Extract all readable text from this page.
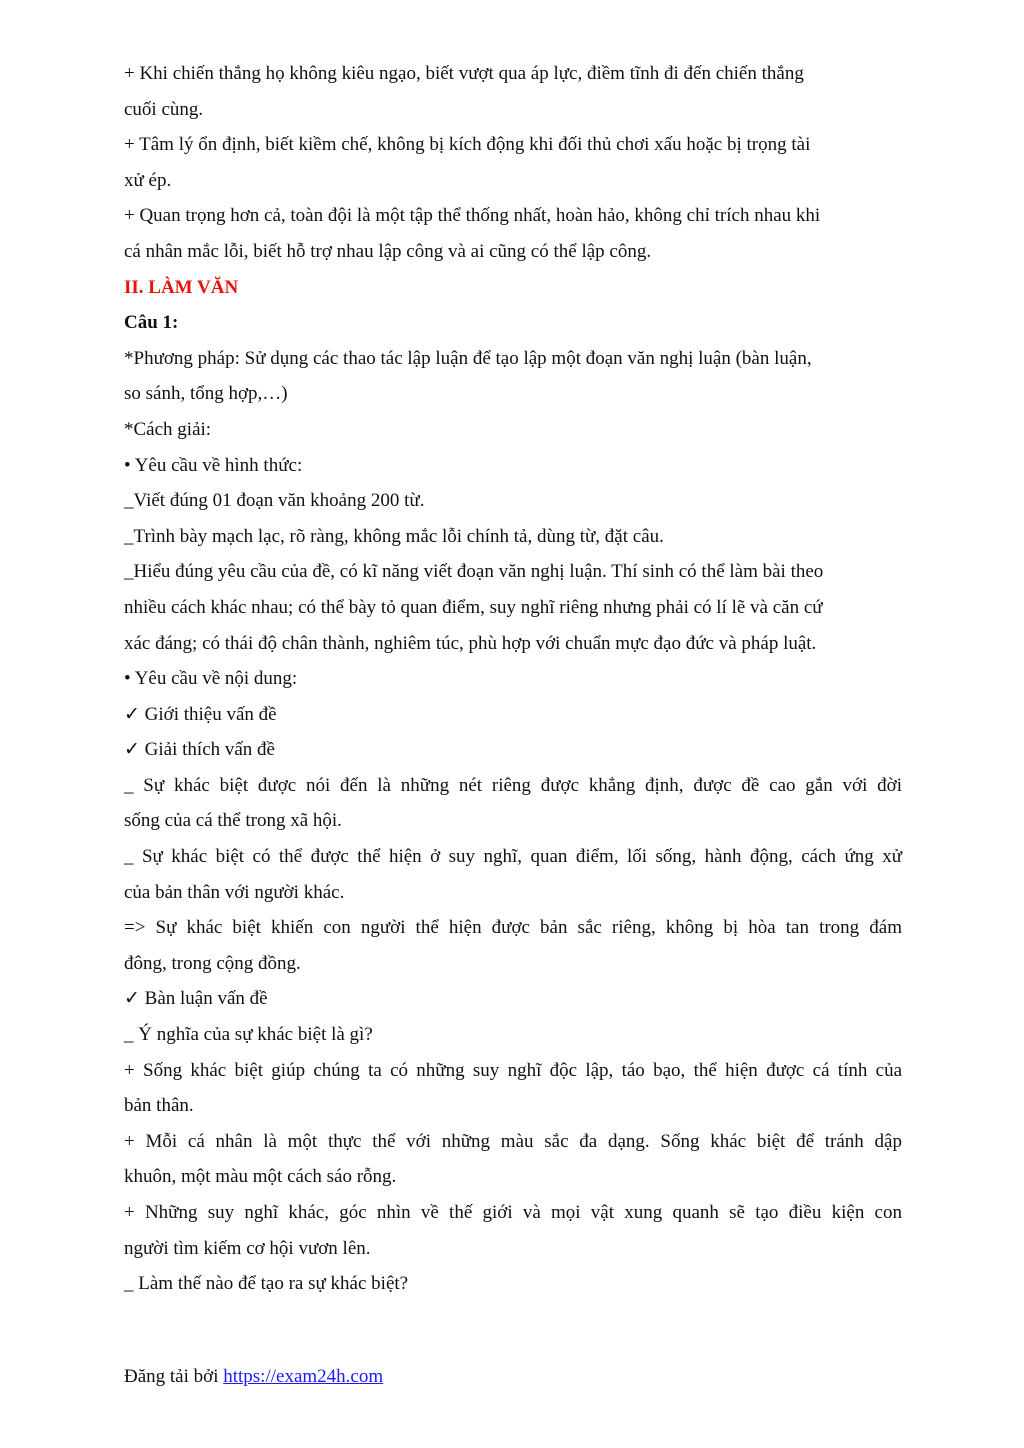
+ Khi chiến thắng họ không kiêu ngạo, biết vượt qua áp lực, điềm tĩnh đi đến chiến thắng
cuối cùng.
+ Tâm lý ổn định, biết kiềm chế, không bị kích động khi đối thủ chơi xấu hoặc bị trọng tài
xử ép.
+ Quan trọng hơn cả, toàn đội là một tập thể thống nhất, hoàn hảo, không chỉ trích nhau khi
cá nhân mắc lỗi, biết hỗ trợ nhau lập công và ai cũng có thể lập công.
II. LÀM VĂN
Câu 1:
*Phương pháp: Sử dụng các thao tác lập luận để tạo lập một đoạn văn nghị luận (bàn luận,
so sánh, tổng hợp,…)
*Cách giải:
• Yêu cầu về hình thức:
_Viết đúng 01 đoạn văn khoảng 200 từ.
_Trình bày mạch lạc, rõ ràng, không mắc lỗi chính tả, dùng từ, đặt câu.
_Hiểu đúng yêu cầu của đề, có kĩ năng viết đoạn văn nghị luận. Thí sinh có thể làm bài theo
nhiều cách khác nhau; có thể bày tỏ quan điểm, suy nghĩ riêng nhưng phải có lí lẽ và căn cứ
xác đáng; có thái độ chân thành, nghiêm túc, phù hợp với chuẩn mực đạo đức và pháp luật.
• Yêu cầu về nội dung:
✓ Giới thiệu vấn đề
✓ Giải thích vấn đề
_ Sự khác biệt được nói đến là những nét riêng được khẳng định, được đề cao gắn với đời
sống của cá thể trong xã hội.
_ Sự khác biệt có thể được thể hiện ở suy nghĩ, quan điểm, lối sống, hành động, cách ứng xử
của bản thân với người khác.
=> Sự khác biệt khiến con người thể hiện được bản sắc riêng, không bị hòa tan trong đám
đông, trong cộng đồng.
✓ Bàn luận vấn đề
_ Ý nghĩa của sự khác biệt là gì?
+ Sống khác biệt giúp chúng ta có những suy nghĩ độc lập, táo bạo, thể hiện được cá tính của
bản thân.
+ Mỗi cá nhân là một thực thể với những màu sắc đa dạng. Sống khác biệt để tránh dập
khuôn, một màu một cách sáo rỗng.
+ Những suy nghĩ khác, góc nhìn về thế giới và mọi vật xung quanh sẽ tạo điều kiện con
người tìm kiếm cơ hội vươn lên.
_ Làm thế nào để tạo ra sự khác biệt?
Đăng tải bởi https://exam24h.com
